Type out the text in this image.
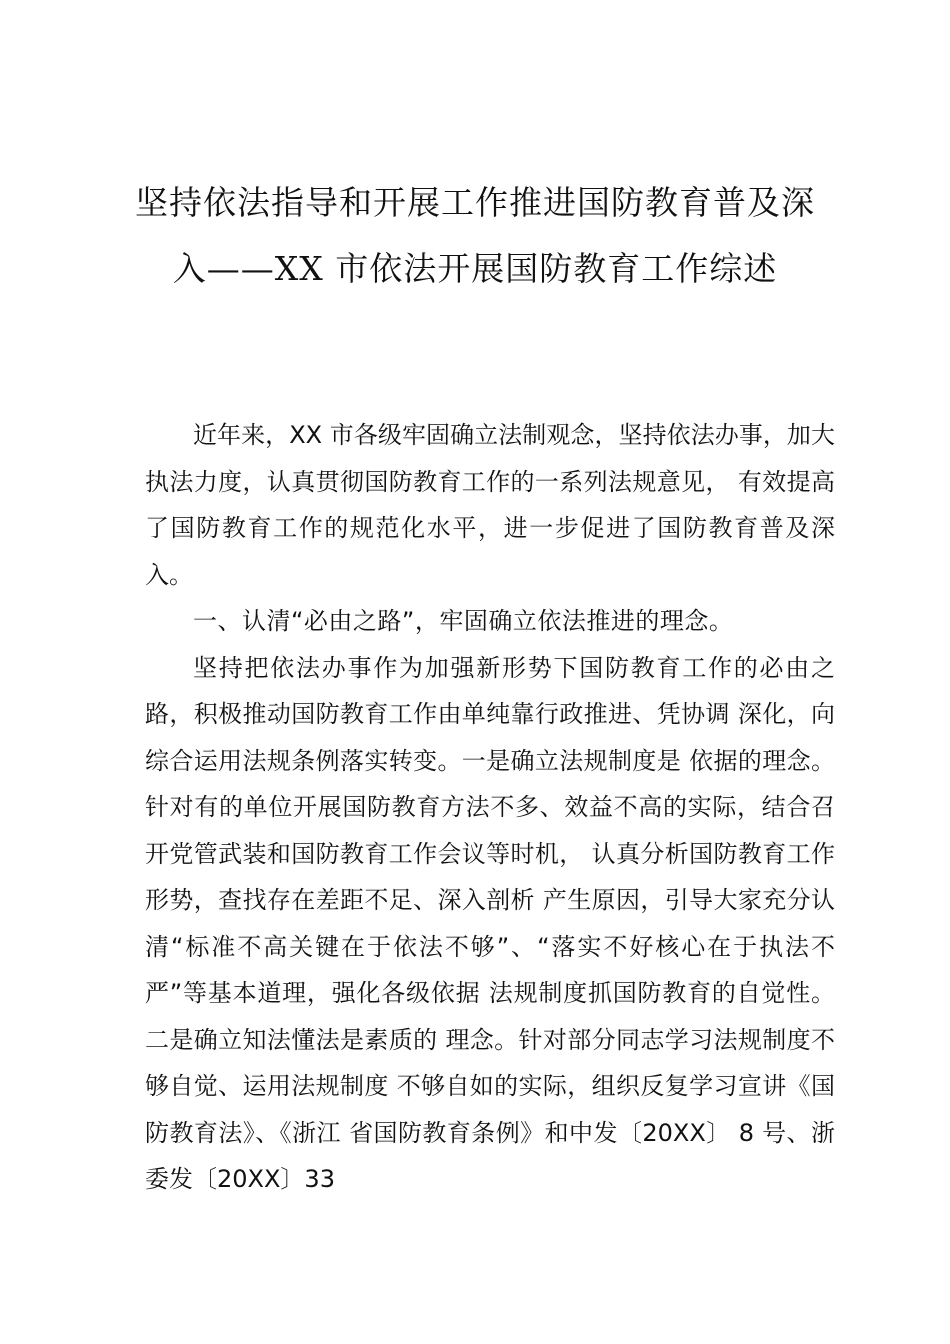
坚持依法指导和开展工作推进国防教育普及深入——XX 市依法开展国防教育工作综述

近年来，XX 市各级牢固确立法制观念，坚持依法办事，加大执法力度，认真贯彻国防教育工作的一系列法规意见， 有效提高了国防教育工作的规范化水平，进一步促进了国防教育普及深入。

一、认清“必由之路”，牢固确立依法推进的理念。

坚持把依法办事作为加强新形势下国防教育工作的必由之路，积极推动国防教育工作由单纯靠行政推进、凭协调 深化，向综合运用法规条例落实转变。一是确立法规制度是 依据的理念。针对有的单位开展国防教育方法不多、效益不高的实际，结合召开党管武装和国防教育工作会议等时机， 认真分析国防教育工作形势，查找存在差距不足、深入剖析 产生原因，引导大家充分认清“标准不高关键在于依法不够”、“落实不好核心在于执法不严”等基本道理，强化各级依据 法规制度抓国防教育的自觉性。二是确立知法懂法是素质的 理念。针对部分同志学习法规制度不够自觉、运用法规制度 不够自如的实际，组织反复学习宣讲《国防教育法》、《浙江 省国防教育条例》和中发〔20XX〕 8 号、浙委发〔20XX〕33
